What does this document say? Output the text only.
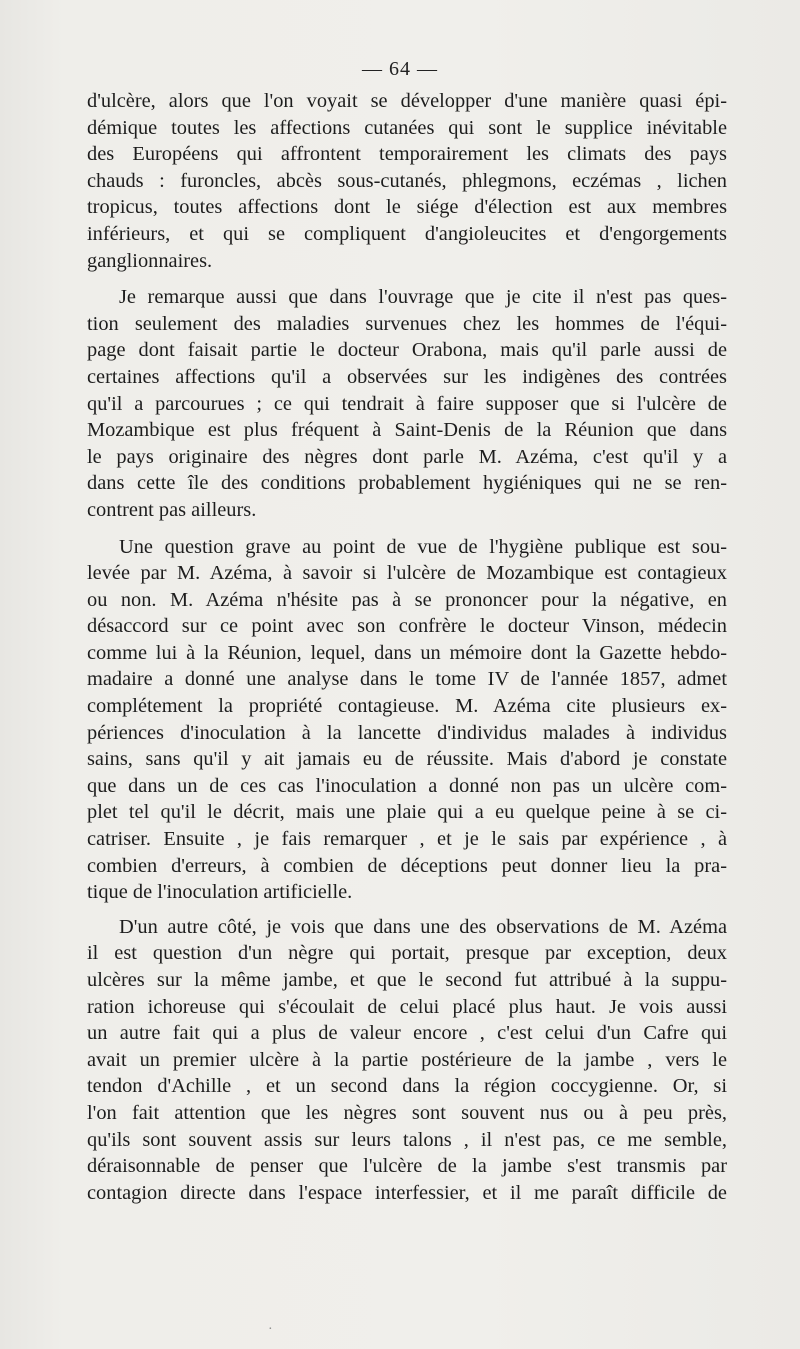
— 64 —
d'ulcère, alors que l'on voyait se développer d'une manière quasi épi-
démique toutes les affections cutanées qui sont le supplice inévitable
des Européens qui affrontent temporairement les climats des pays
chauds : furoncles, abcès sous-cutanés, phlegmons, eczémas , lichen
tropicus, toutes affections dont le siége d'élection est aux membres
inférieurs, et qui se compliquent d'angioleucites et d'engorgements
ganglionnaires.
Je remarque aussi que dans l'ouvrage que je cite il n'est pas ques-
tion seulement des maladies survenues chez les hommes de l'équi-
page dont faisait partie le docteur Orabona, mais qu'il parle aussi de
certaines affections qu'il a observées sur les indigènes des contrées
qu'il a parcourues ; ce qui tendrait à faire supposer que si l'ulcère de
Mozambique est plus fréquent à Saint-Denis de la Réunion que dans
le pays originaire des nègres dont parle M. Azéma, c'est qu'il y a
dans cette île des conditions probablement hygiéniques qui ne se ren-
contrent pas ailleurs.
Une question grave au point de vue de l'hygiène publique est sou-
levée par M. Azéma, à savoir si l'ulcère de Mozambique est contagieux
ou non. M. Azéma n'hésite pas à se prononcer pour la négative, en
désaccord sur ce point avec son confrère le docteur Vinson, médecin
comme lui à la Réunion, lequel, dans un mémoire dont la Gazette hebdo-
madaire a donné une analyse dans le tome IV de l'année 1857, admet
complétement la propriété contagieuse. M. Azéma cite plusieurs ex-
périences d'inoculation à la lancette d'individus malades à individus
sains, sans qu'il y ait jamais eu de réussite. Mais d'abord je constate
que dans un de ces cas l'inoculation a donné non pas un ulcère com-
plet tel qu'il le décrit, mais une plaie qui a eu quelque peine à se ci-
catriser. Ensuite , je fais remarquer , et je le sais par expérience , à
combien d'erreurs, à combien de déceptions peut donner lieu la pra-
tique de l'inoculation artificielle.
D'un autre côté, je vois que dans une des observations de M. Azéma
il est question d'un nègre qui portait, presque par exception, deux
ulcères sur la même jambe, et que le second fut attribué à la suppu-
ration ichoreuse qui s'écoulait de celui placé plus haut. Je vois aussi
un autre fait qui a plus de valeur encore , c'est celui d'un Cafre qui
avait un premier ulcère à la partie postérieure de la jambe , vers le
tendon d'Achille , et un second dans la région coccygienne. Or, si
l'on fait attention que les nègres sont souvent nus ou à peu près,
qu'ils sont souvent assis sur leurs talons , il n'est pas, ce me semble,
déraisonnable de penser que l'ulcère de la jambe s'est transmis par
contagion directe dans l'espace interfessier, et il me paraît difficile de
·
